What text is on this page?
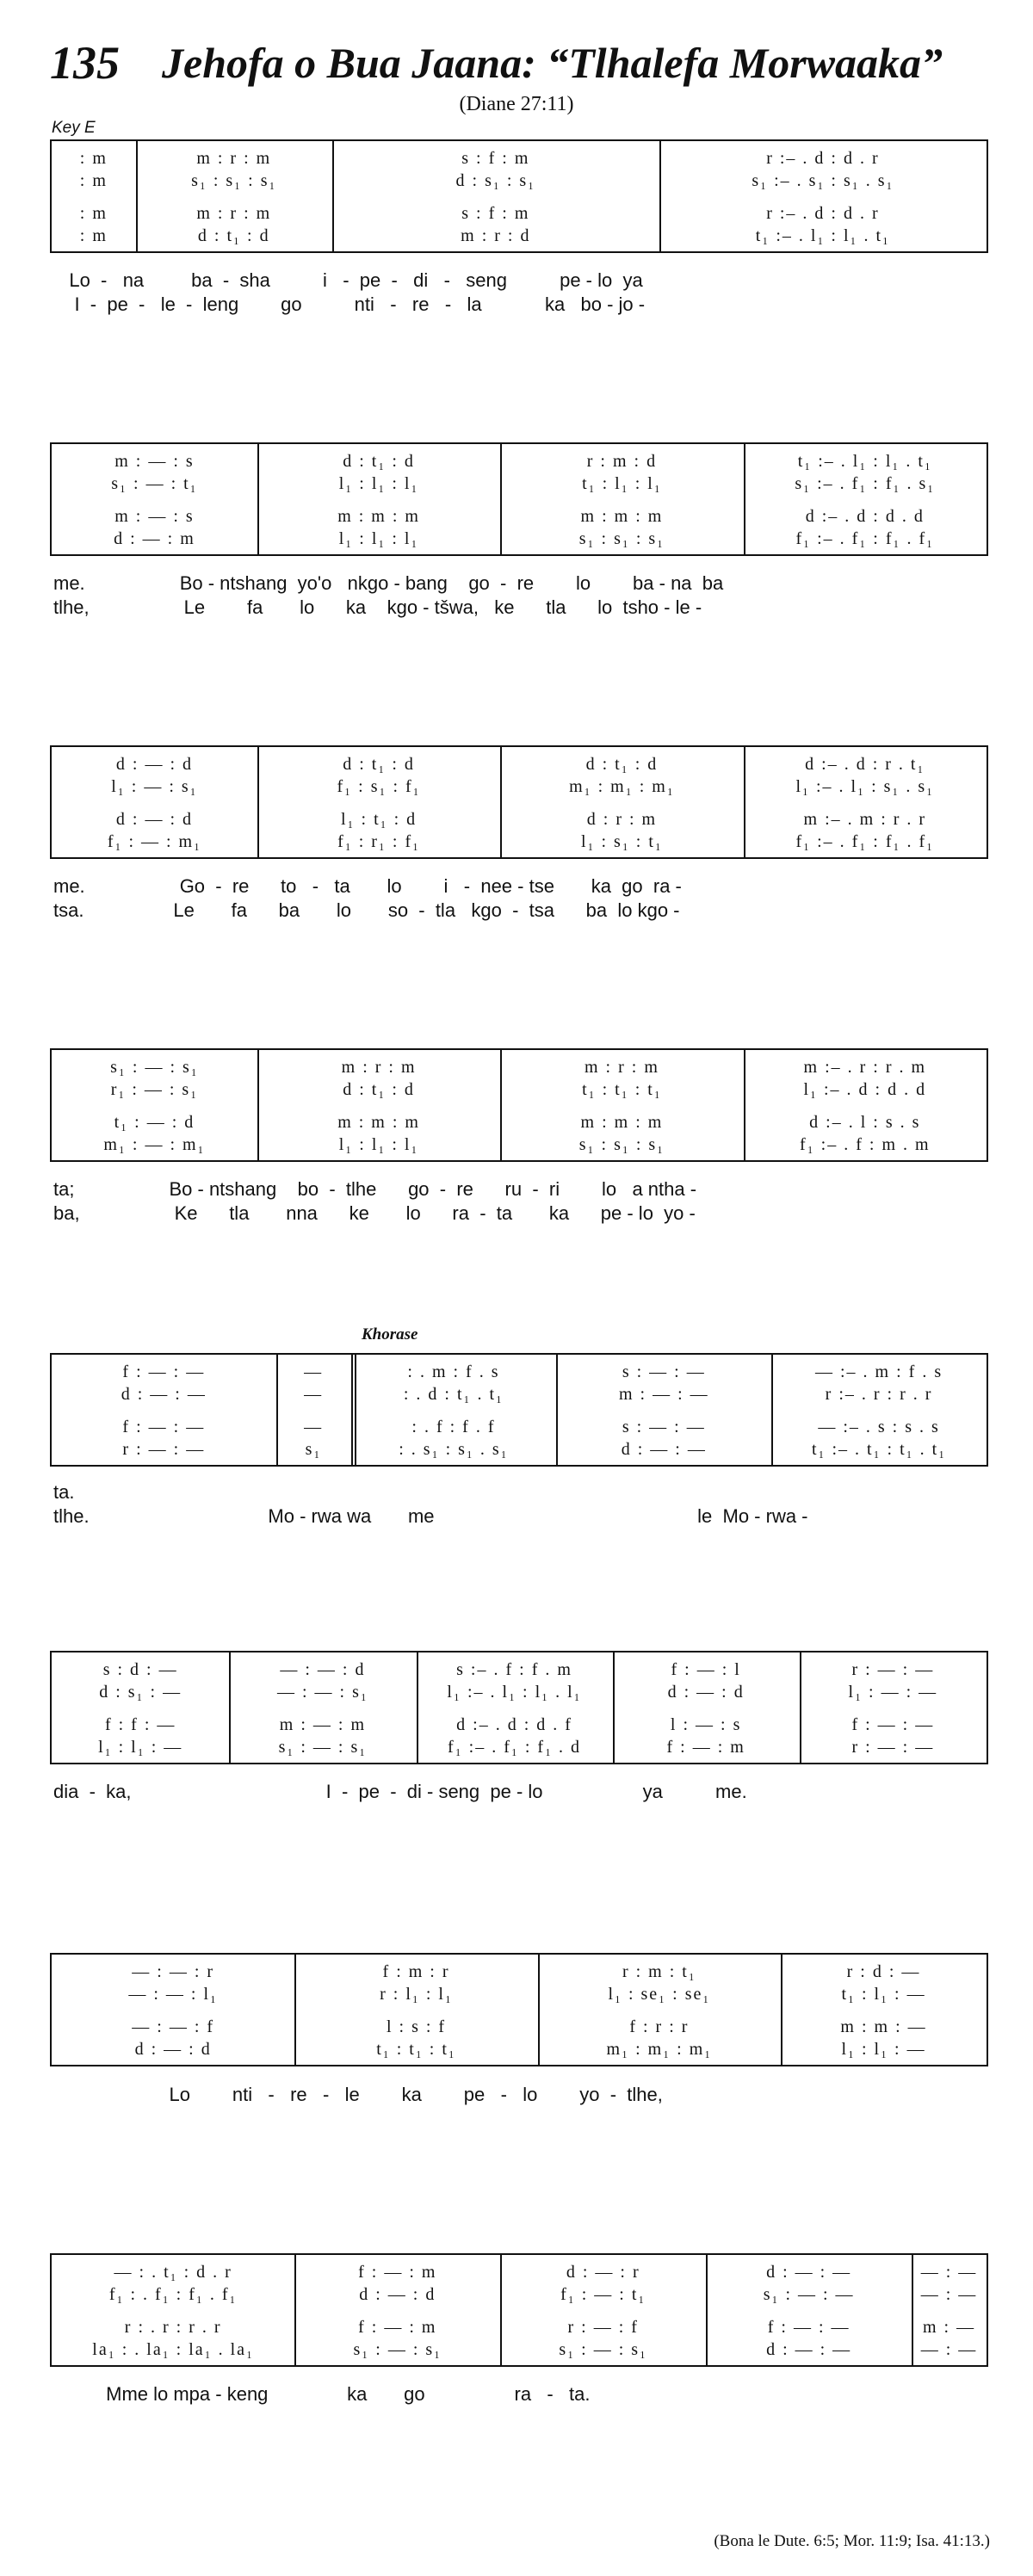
135 Jehofa o Bua Jaana: “Tlhalefa Morwaaka”
(Diane 27:11)
Key E
: m	m : r : m	s : f : m	r :– . d : d . r
: m	s₁ : s₁ : s₁	d : s₁ : s₁	s₁ :– . s₁ : s₁ . s₁
: m	m : r : m	s : f : m	r :– . d : d . r
: m	d : t₁ : d	m : r : d	t₁ :– . l₁ : l₁ . t₁
Lo  -   na         ba  -  sha          i   -  pe  -   di   -   seng          pe - lo  ya
I  -  pe  -   le  -  leng        go          nti   -   re   -   la            ka   bo - jo -
m : — : s	d : t₁ : d	r : m : d	t₁ :– . l₁ : l₁ . t₁
s₁ : — : t₁	l₁ : l₁ : l₁	t₁ : l₁ : l₁	s₁ :– . f₁ : f₁ . s₁
m : — : s	m : m : m	m : m : m	d :– . d : d . d
d : — : m	l₁ : l₁ : l₁	s₁ : s₁ : s₁	f₁ :– . f₁ : f₁ . f₁
me.                  Bo - ntshang  yo'o   nkgo - bang    go  -  re        lo        ba - na  ba
tlhe,                  Le        fa       lo      ka    kgo - tšwa,   ke      tla      lo  tsho - le -
d : — : d	d : t₁ : d	d : t₁ : d	d :– . d : r . t₁
l₁ : — : s₁	f₁ : s₁ : f₁	m₁ : m₁ : m₁	l₁ :– . l₁ : s₁ . s₁
d : — : d	l₁ : t₁ : d	d : r : m	m :– . m : r . r
f₁ : — : m₁	f₁ : r₁ : f₁	l₁ : s₁ : t₁	f₁ :– . f₁ : f₁ . f₁
me.                  Go  -  re      to   -   ta       lo        i   -  nee - tse       ka  go  ra -
tsa.                 Le       fa      ba       lo       so  -  tla   kgo  -  tsa      ba  lo kgo -
s₁ : — : s₁	m : r : m	m : r : m	m :– . r : r . m
r₁ : — : s₁	d : t₁ : d	t₁ : t₁ : t₁	l₁ :– . d : d . d
t₁ : — : d	m : m : m	m : m : m	d :– . l : s . s
m₁ : — : m₁	l₁ : l₁ : l₁	s₁ : s₁ : s₁	f₁ :– . f : m . m
ta;                  Bo - ntshang    bo  -  tlhe      go  -  re      ru  -  ri        lo   a ntha -
ba,                  Ke      tla       nna      ke       lo      ra  -  ta       ka      pe - lo  yo -
f : — : —	—	: . m : f . s	s : — : —	— :– . m : f . s
d : — : —	—	: . d : t₁ . t₁	m : — : —	r :– . r : r . r
f : — : —	—	: . f : f . f	s : — : —	— :– . s : s . s
r : — : —	s₁	: . s₁ : s₁ . s₁	d : — : —	t₁ :– . t₁ : t₁ . t₁
ta.
tlhe.                                  Mo - rwa wa       me                                                  le  Mo - rwa -
s : d : —	— : — : d	s :– . f : f . m	f : — : l	r : — : —
d : s₁ : —	— : — : s₁	l₁ :– . l₁ : l₁ . l₁	d : — : d	l₁ : — : —
f : f : —	m : — : m	d :– . d : d . f	l : — : s	f : — : —
l₁ : l₁ : —	s₁ : — : s₁	f₁ :– . f₁ : f₁ . d	f : — : m	r : — : —
dia  -  ka,                                     I  -  pe  -  di - seng  pe - lo                   ya          me.
— : — : r	f : m : r	r : m : t₁	r : d : —
— : — : l₁	r : l₁ : l₁	l₁ : se₁ : se₁	t₁ : l₁ : —
— : — : f	l : s : f	f : r : r	m : m : —
d : — : d	t₁ : t₁ : t₁	m₁ : m₁ : m₁	l₁ : l₁ : —
Lo        nti   -   re   -   le        ka        pe   -   lo        yo  -  tlhe,
— : . t₁ : d . r	f : — : m	d : — : r	d : — : —	— : —
f₁ : . f₁ : f₁ . f₁	d : — : d	f₁ : — : t₁	s₁ : — : —	— : —
r : . r : r . r	f : — : m	r : — : f	f : — : —	m : —
la₁ : . la₁ : la₁ . la₁	s₁ : — : s₁	s₁ : — : s₁	d : — : —	— : —
Mme lo mpa - keng               ka       go                 ra   -   ta.
Khorase
(Bona le Dute. 6:5; Mor. 11:9; Isa. 41:13.)
